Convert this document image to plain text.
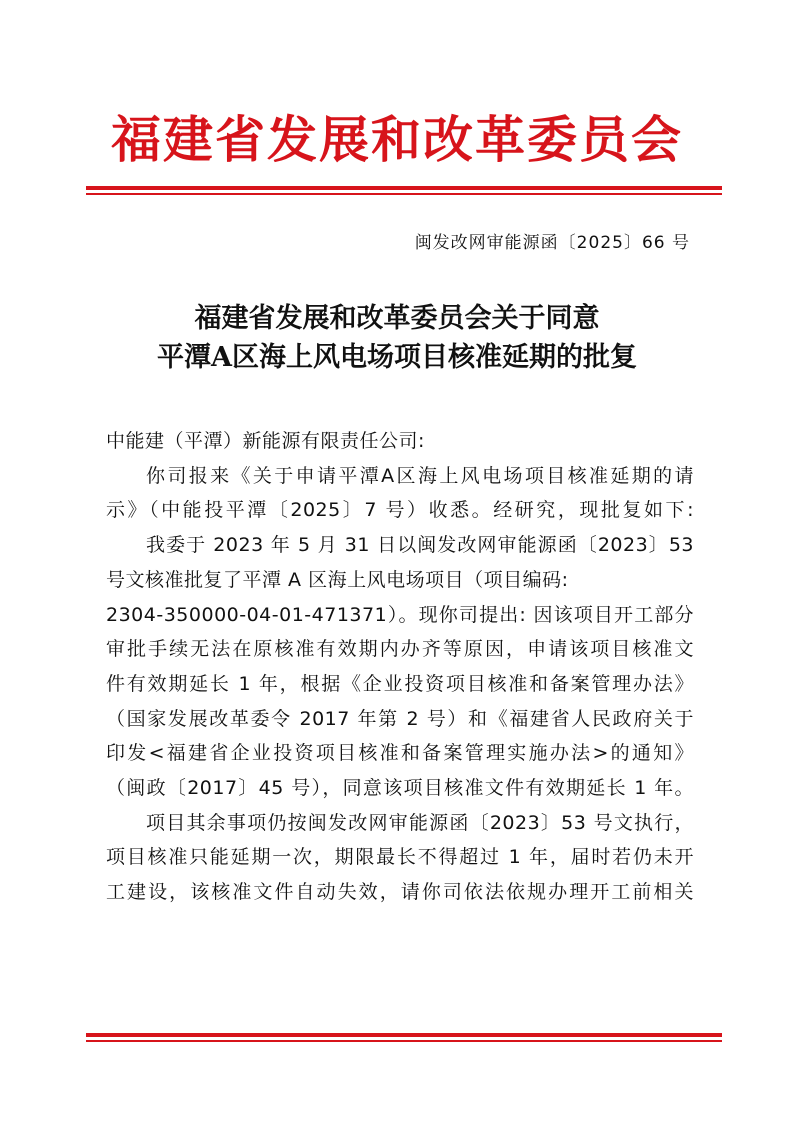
福建省发展和改革委员会
闽发改网审能源函〔2025〕66 号
福建省发展和改革委员会关于同意
平潭A区海上风电场项目核准延期的批复
中能建（平潭）新能源有限责任公司:
你司报来《关于申请平潭A区海上风电场项目核准延期的请
示》（中能投平潭〔2025〕7 号）收悉。经研究，现批复如下:
我委于 2023 年 5 月 31 日以闽发改网审能源函〔2023〕53
号文核准批复了平潭 A 区海上风电场项目（项目编码:
2304-350000-04-01-471371）。现你司提出: 因该项目开工部分
审批手续无法在原核准有效期内办齐等原因，申请该项目核准文
件有效期延长 1 年，根据《企业投资项目核准和备案管理办法》
（国家发展改革委令 2017 年第 2 号）和《福建省人民政府关于
印发<福建省企业投资项目核准和备案管理实施办法>的通知》
（闽政〔2017〕45 号），同意该项目核准文件有效期延长 1 年。
项目其余事项仍按闽发改网审能源函〔2023〕53 号文执行，
项目核准只能延期一次，期限最长不得超过 1 年，届时若仍未开
工建设，该核准文件自动失效，请你司依法依规办理开工前相关
